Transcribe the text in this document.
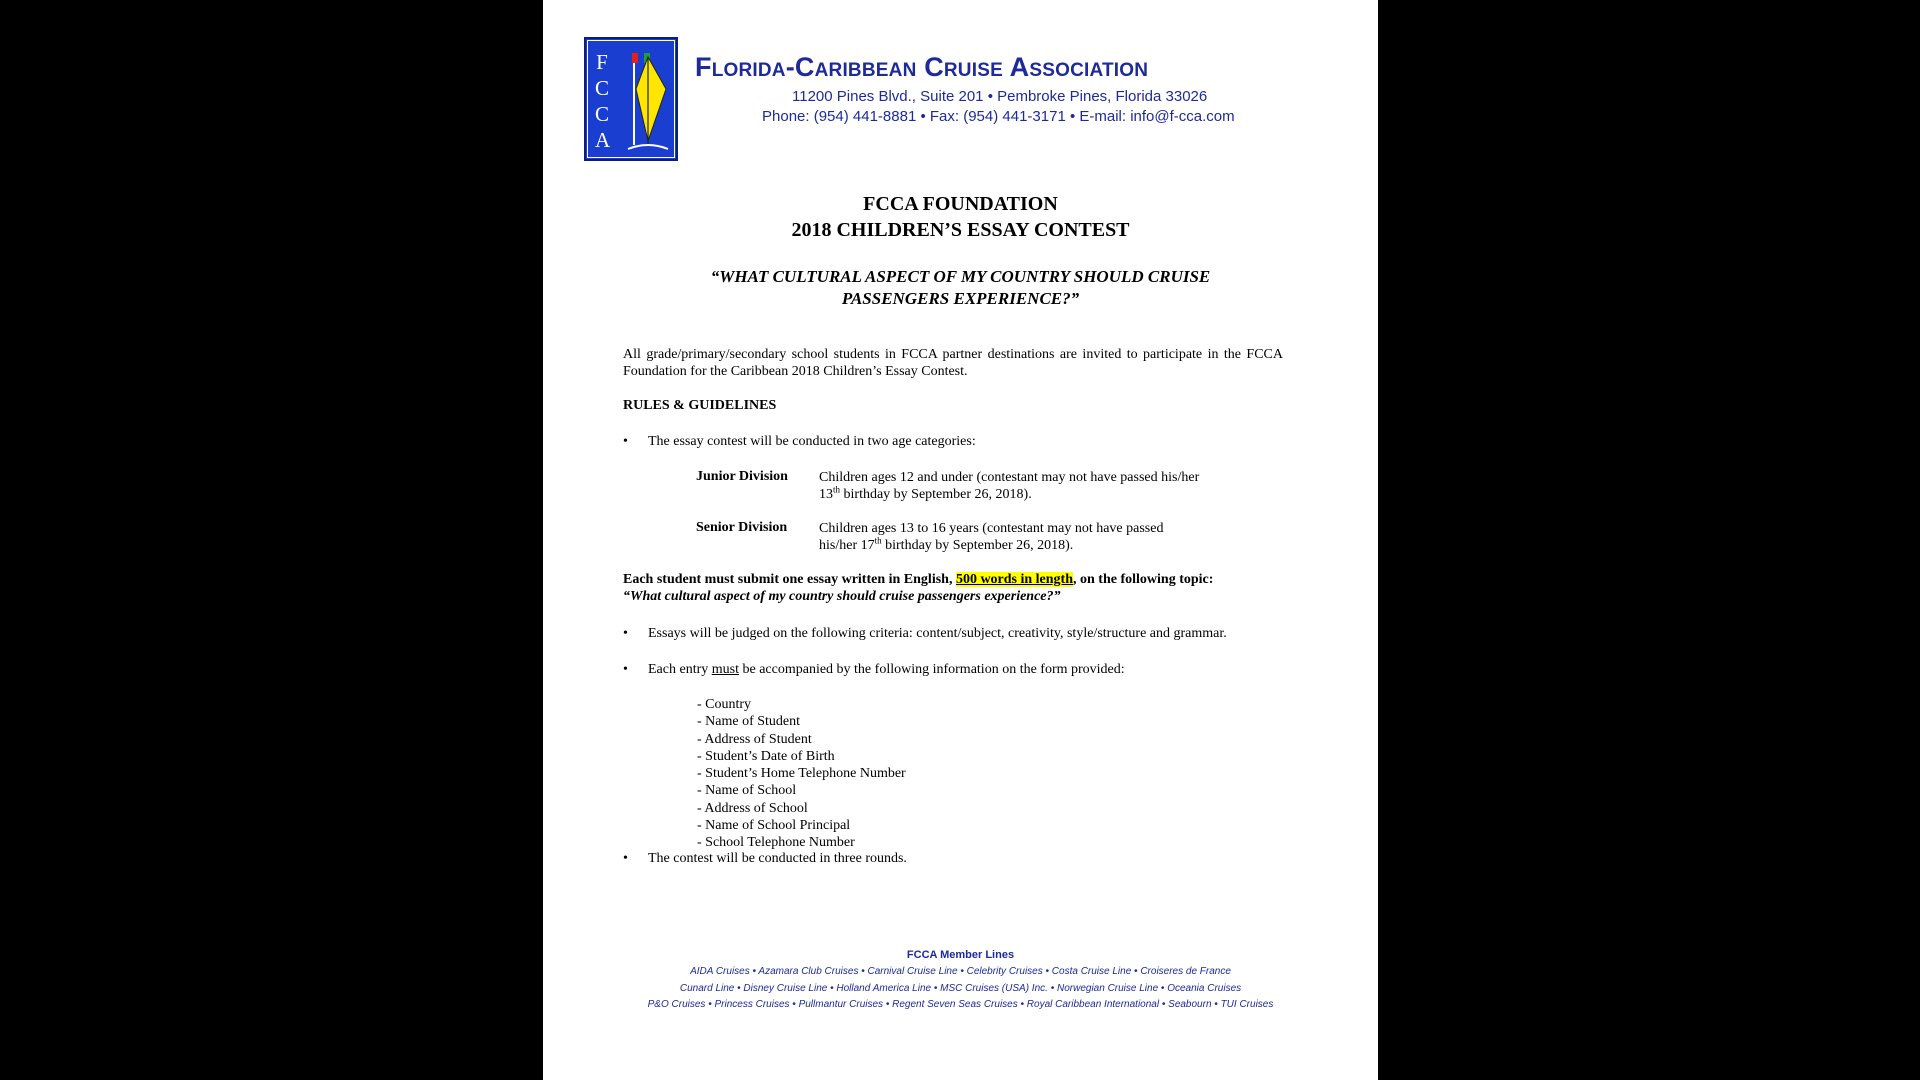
F
C
C
A
Florida-Caribbean Cruise Association
11200 Pines Blvd., Suite 201 • Pembroke Pines, Florida 33026
Phone: (954) 441-8881 • Fax: (954) 441-3171 • E-mail: info@f-cca.com
FCCA FOUNDATION
2018 CHILDREN’S ESSAY CONTEST
“WHAT CULTURAL ASPECT OF MY COUNTRY SHOULD CRUISE
PASSENGERS EXPERIENCE?”
All grade/primary/secondary school students in FCCA partner destinations are invited to participate in the FCCA Foundation for the Caribbean 2018 Children’s Essay Contest.
RULES & GUIDELINES
• The essay contest will be conducted in two age categories:
Junior Division Children ages 12 and under (contestant may not have passed his/her
13th birthday by September 26, 2018).
Senior Division Children ages 13 to 16 years (contestant may not have passed
his/her 17th birthday by September 26, 2018).
Each student must submit one essay written in English, 500 words in length, on the following topic:
“What cultural aspect of my country should cruise passengers experience?”
• Essays will be judged on the following criteria: content/subject, creativity, style/structure and grammar.
• Each entry must be accompanied by the following information on the form provided:
- Country
- Name of Student
- Address of Student
- Student’s Date of Birth
- Student’s Home Telephone Number
- Name of School
- Address of School
- Name of School Principal
- School Telephone Number
• The contest will be conducted in three rounds.
FCCA Member Lines
AIDA Cruises • Azamara Club Cruises • Carnival Cruise Line • Celebrity Cruises • Costa Cruise Line • Croiseres de France
Cunard Line • Disney Cruise Line • Holland America Line • MSC Cruises (USA) Inc. • Norwegian Cruise Line • Oceania Cruises
P&O Cruises • Princess Cruises • Pullmantur Cruises • Regent Seven Seas Cruises • Royal Caribbean International • Seabourn • TUI Cruises
